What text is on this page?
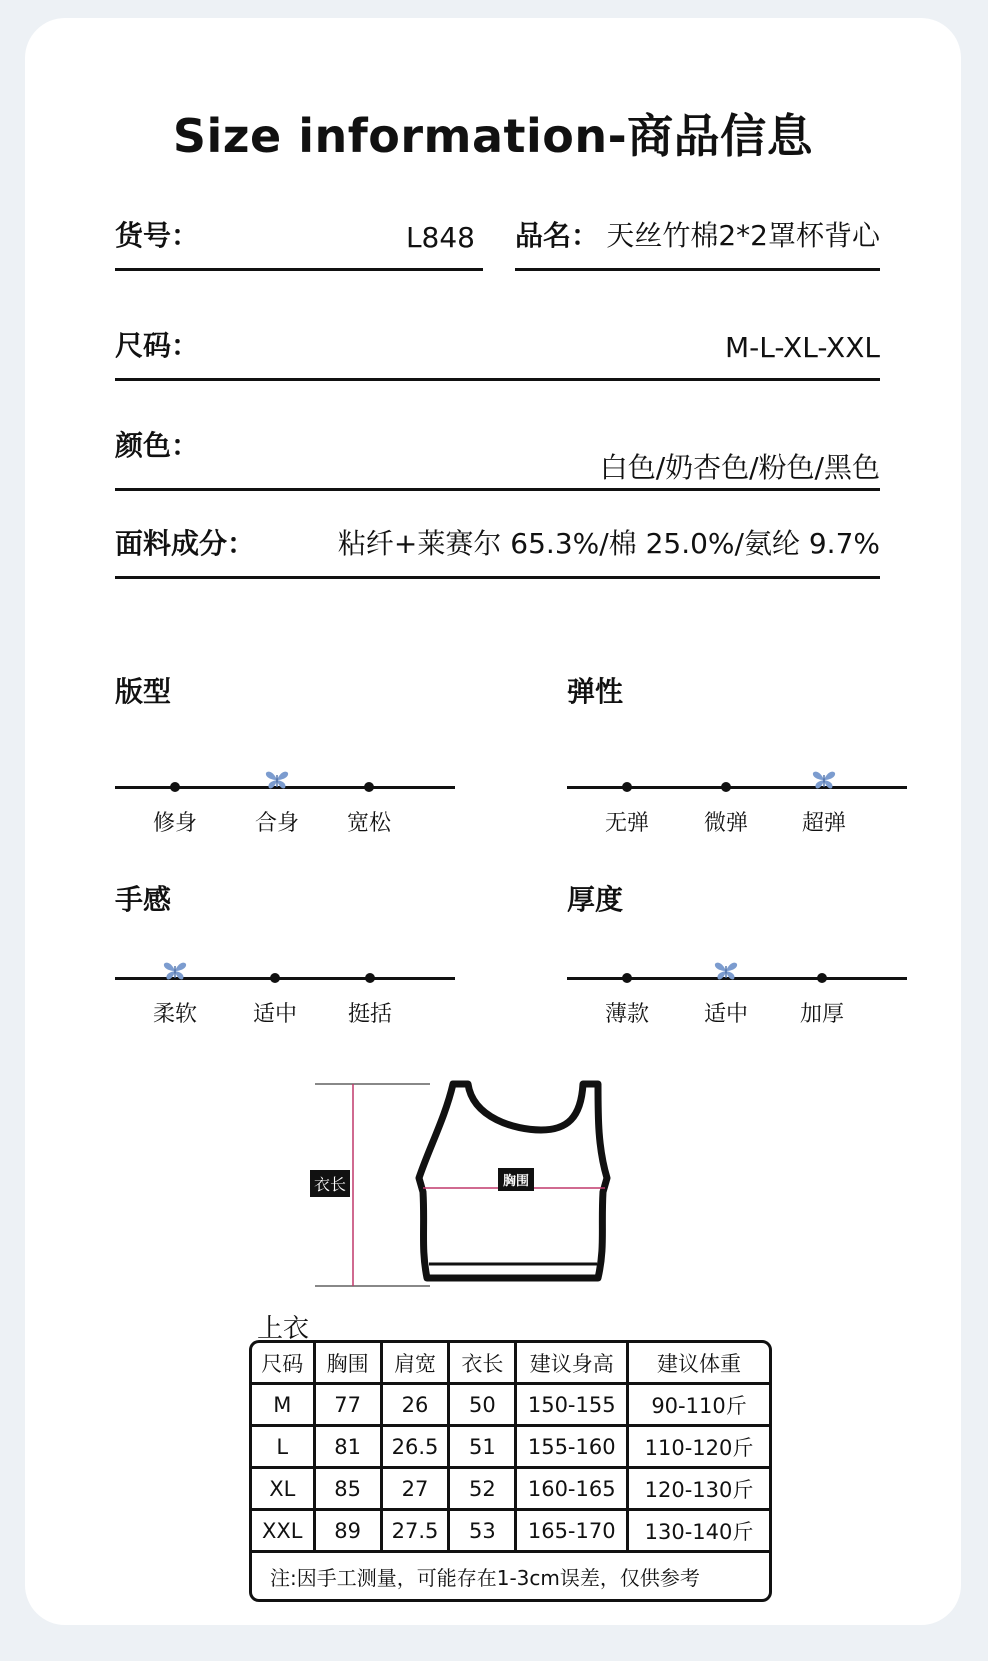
Size information-商品信息
货号：	L848 品名： 天丝竹棉2*2罩杯背心
尺码：	M-L-XL-XXL
颜色：
白色/奶杏色/粉色/黑色
面料成分：	粘纤+莱赛尔 65.3%/棉 25.0%/氨纶 9.7%
版型
修身	合身	宽松
弹性
无弹	微弹	超弹
手感
柔软	适中	挺括
厚度
薄款	适中	加厚
衣长	胸围
上衣
尺码	胸围	肩宽	衣长	建议身高	建议体重
M	77	26	50	150-155	90-110斤
L	81	26.5	51	155-160	110-120斤
XL	85	27	52	160-165	120-130斤
XXL	89	27.5	53	165-170	130-140斤
注:因手工测量，可能存在1-3cm误差，仅供参考					
